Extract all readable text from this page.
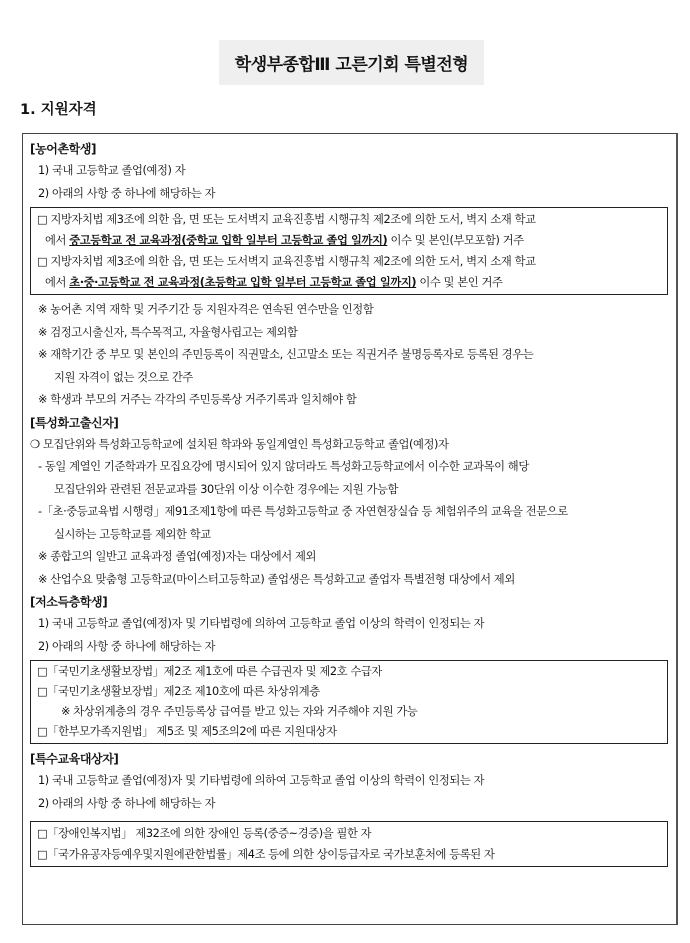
학생부종합Ⅲ 고른기회 특별전형
1. 지원자격
[농어촌학생]
1) 국내 고등학교 졸업(예정) 자
2) 아래의 사항 중 하나에 해당하는 자
□ 지방자치법 제3조에 의한 읍, 면 또는 도서벽지 교육진흥법 시행규칙 제2조에 의한 도서, 벽지 소재 학교
에서 중고등학교 전 교육과정(중학교 입학 일부터 고등학교 졸업 일까지) 이수 및 본인(부모포함) 거주
□ 지방자치법 제3조에 의한 읍, 면 또는 도서벽지 교육진흥법 시행규칙 제2조에 의한 도서, 벽지 소재 학교
에서 초·중·고등학교 전 교육과정(초등학교 입학 일부터 고등학교 졸업 일까지) 이수 및 본인 거주
※ 농어촌 지역 재학 및 거주기간 등 지원자격은 연속된 연수만을 인정함
※ 검정고시출신자, 특수목적고, 자율형사립고는 제외함
※ 재학기간 중 부모 및 본인의 주민등록이 직권말소, 신고말소 또는 직권거주 불명등록자로 등록된 경우는
지원 자격이 없는 것으로 간주
※ 학생과 부모의 거주는 각각의 주민등록상 거주기록과 일치해야 함
[특성화고출신자]
❍ 모집단위와 특성화고등학교에 설치된 학과와 동일계열인 특성화고등학교 졸업(예정)자
- 동일 계열인 기준학과가 모집요강에 명시되어 있지 않더라도 특성화고등학교에서 이수한 교과목이 해당
모집단위와 관련된 전문교과를 30단위 이상 이수한 경우에는 지원 가능함
-「초·중등교육법 시행령」제91조제1항에 따른 특성화고등학교 중 자연현장실습 등 체험위주의 교육을 전문으로
실시하는 고등학교를 제외한 학교
※ 종합고의 일반고 교육과정 졸업(예정)자는 대상에서 제외
※ 산업수요 맞춤형 고등학교(마이스터고등학교) 졸업생은 특성화고교 졸업자 특별전형 대상에서 제외
[저소득층학생]
1) 국내 고등학교 졸업(예정)자 및 기타법령에 의하여 고등학교 졸업 이상의 학력이 인정되는 자
2) 아래의 사항 중 하나에 해당하는 자
□「국민기초생활보장법」제2조 제1호에 따른 수급권자 및 제2호 수급자
□「국민기초생활보장법」제2조 제10호에 따른 차상위계층
※ 차상위계층의 경우 주민등록상 급여를 받고 있는 자와 거주해야 지원 가능
□「한부모가족지원법」 제5조 및 제5조의2에 따른 지원대상자
[특수교육대상자]
1) 국내 고등학교 졸업(예정)자 및 기타법령에 의하여 고등학교 졸업 이상의 학력이 인정되는 자
2) 아래의 사항 중 하나에 해당하는 자
□「장애인복지법」 제32조에 의한 장애인 등록(중증~경증)을 필한 자
□「국가유공자등예우및지원에관한법률」제4조 등에 의한 상이등급자로 국가보훈처에 등록된 자
